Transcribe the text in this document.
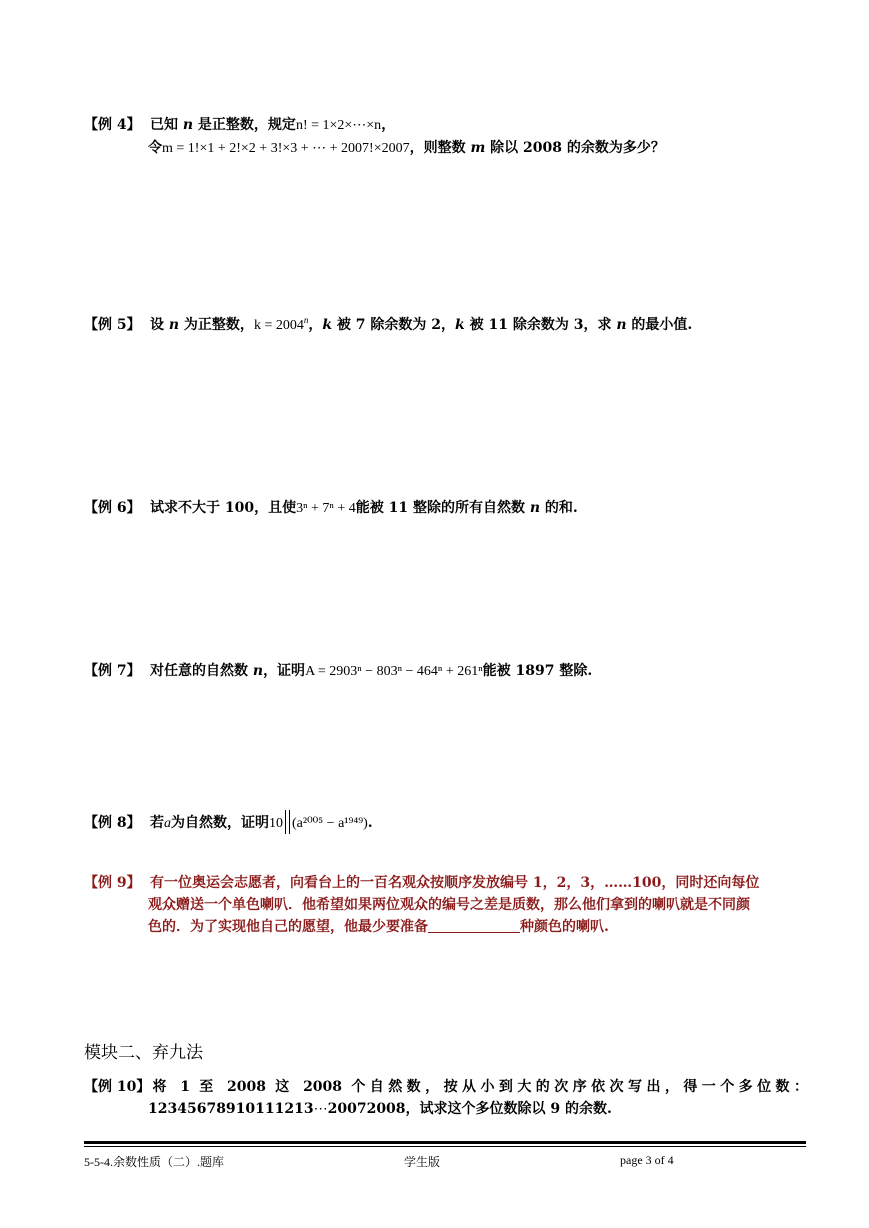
【例 4】 已知 n 是正整数，规定n! = 1×2×⋯×n，
令m = 1!×1 + 2!×2 + 3!×3 + ⋯ + 2007!×2007，则整数 m 除以 2008 的余数为多少？
【例 5】 设 n 为正整数，$k = 2004^n$，k 被 7 除余数为 2，k 被 11 除余数为 3，求 n 的最小值.
【例 6】 试求不大于 100，且使3ⁿ + 7ⁿ + 4能被 11 整除的所有自然数 n 的和.
【例 7】 对任意的自然数 n，证明A = 2903ⁿ − 803ⁿ − 464ⁿ + 261ⁿ能被 1897 整除.
【例 8】 若a为自然数，证明10 (a²⁰⁰⁵ − a¹⁹⁴⁹).
【例 9】 有一位奥运会志愿者，向看台上的一百名观众按顺序发放编号 1，2，3，……100，同时还向每位
观众赠送一个单色喇叭．他希望如果两位观众的编号之差是质数，那么他们拿到的喇叭就是不同颜
色的．为了实现他自己的愿望，他最少要准备	种颜色的喇叭.
模块二、弃九法
【例 10】将 1 至 2008 这 2008 个自然数，按从小到大的次序依次写出，得一个多位数：
12345678910111213⋯20072008，试求这个多位数除以 9 的余数.
5-5-4.余数性质（二）.题库	学生版	page 3 of 4
